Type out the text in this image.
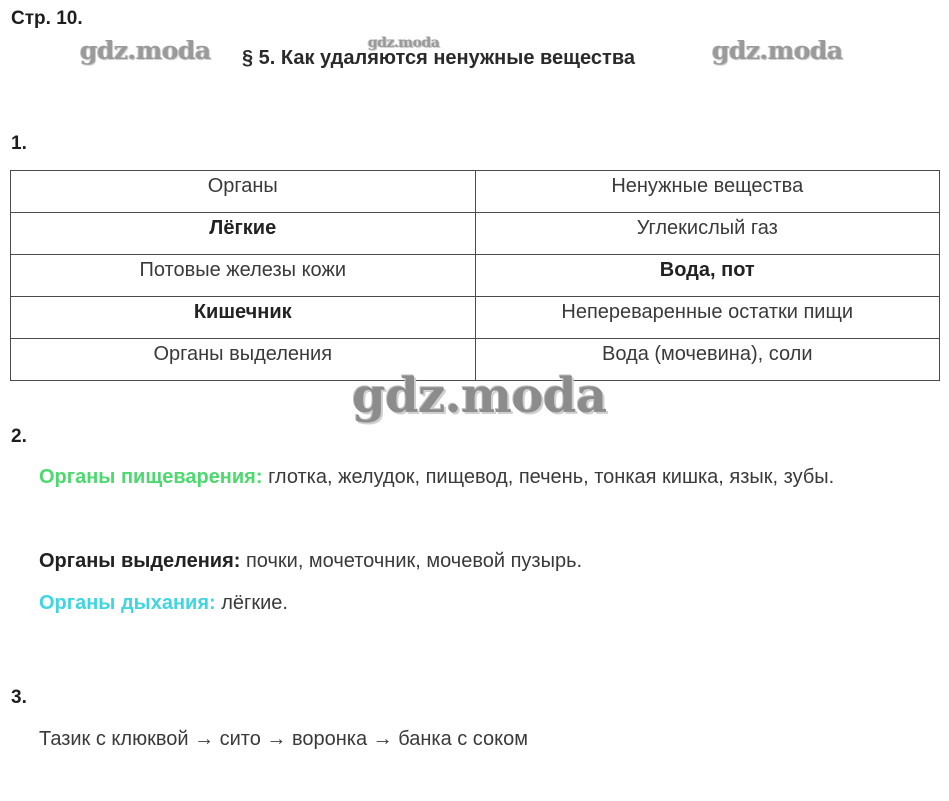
Стр. 10.
gdz.moda	gdz.moda
§ 5. Как удаляются ненужные вещества	gdz.moda
1.
Органы	Ненужные вещества
Лёгкие	Углекислый газ
Потовые железы кожи	Вода, пот
Кишечник	Непереваренные остатки пищи
Органы выделения	Вода (мочевина), соли
gdz.moda
2.
Органы пищеварения: глотка, желудок, пищевод, печень, тонкая кишка, язык, зубы.
Органы выделения: почки, мочеточник, мочевой пузырь.
Органы дыхания: лёгкие.
3.
Тазик с клюквой → сито → воронка → банка с соком
